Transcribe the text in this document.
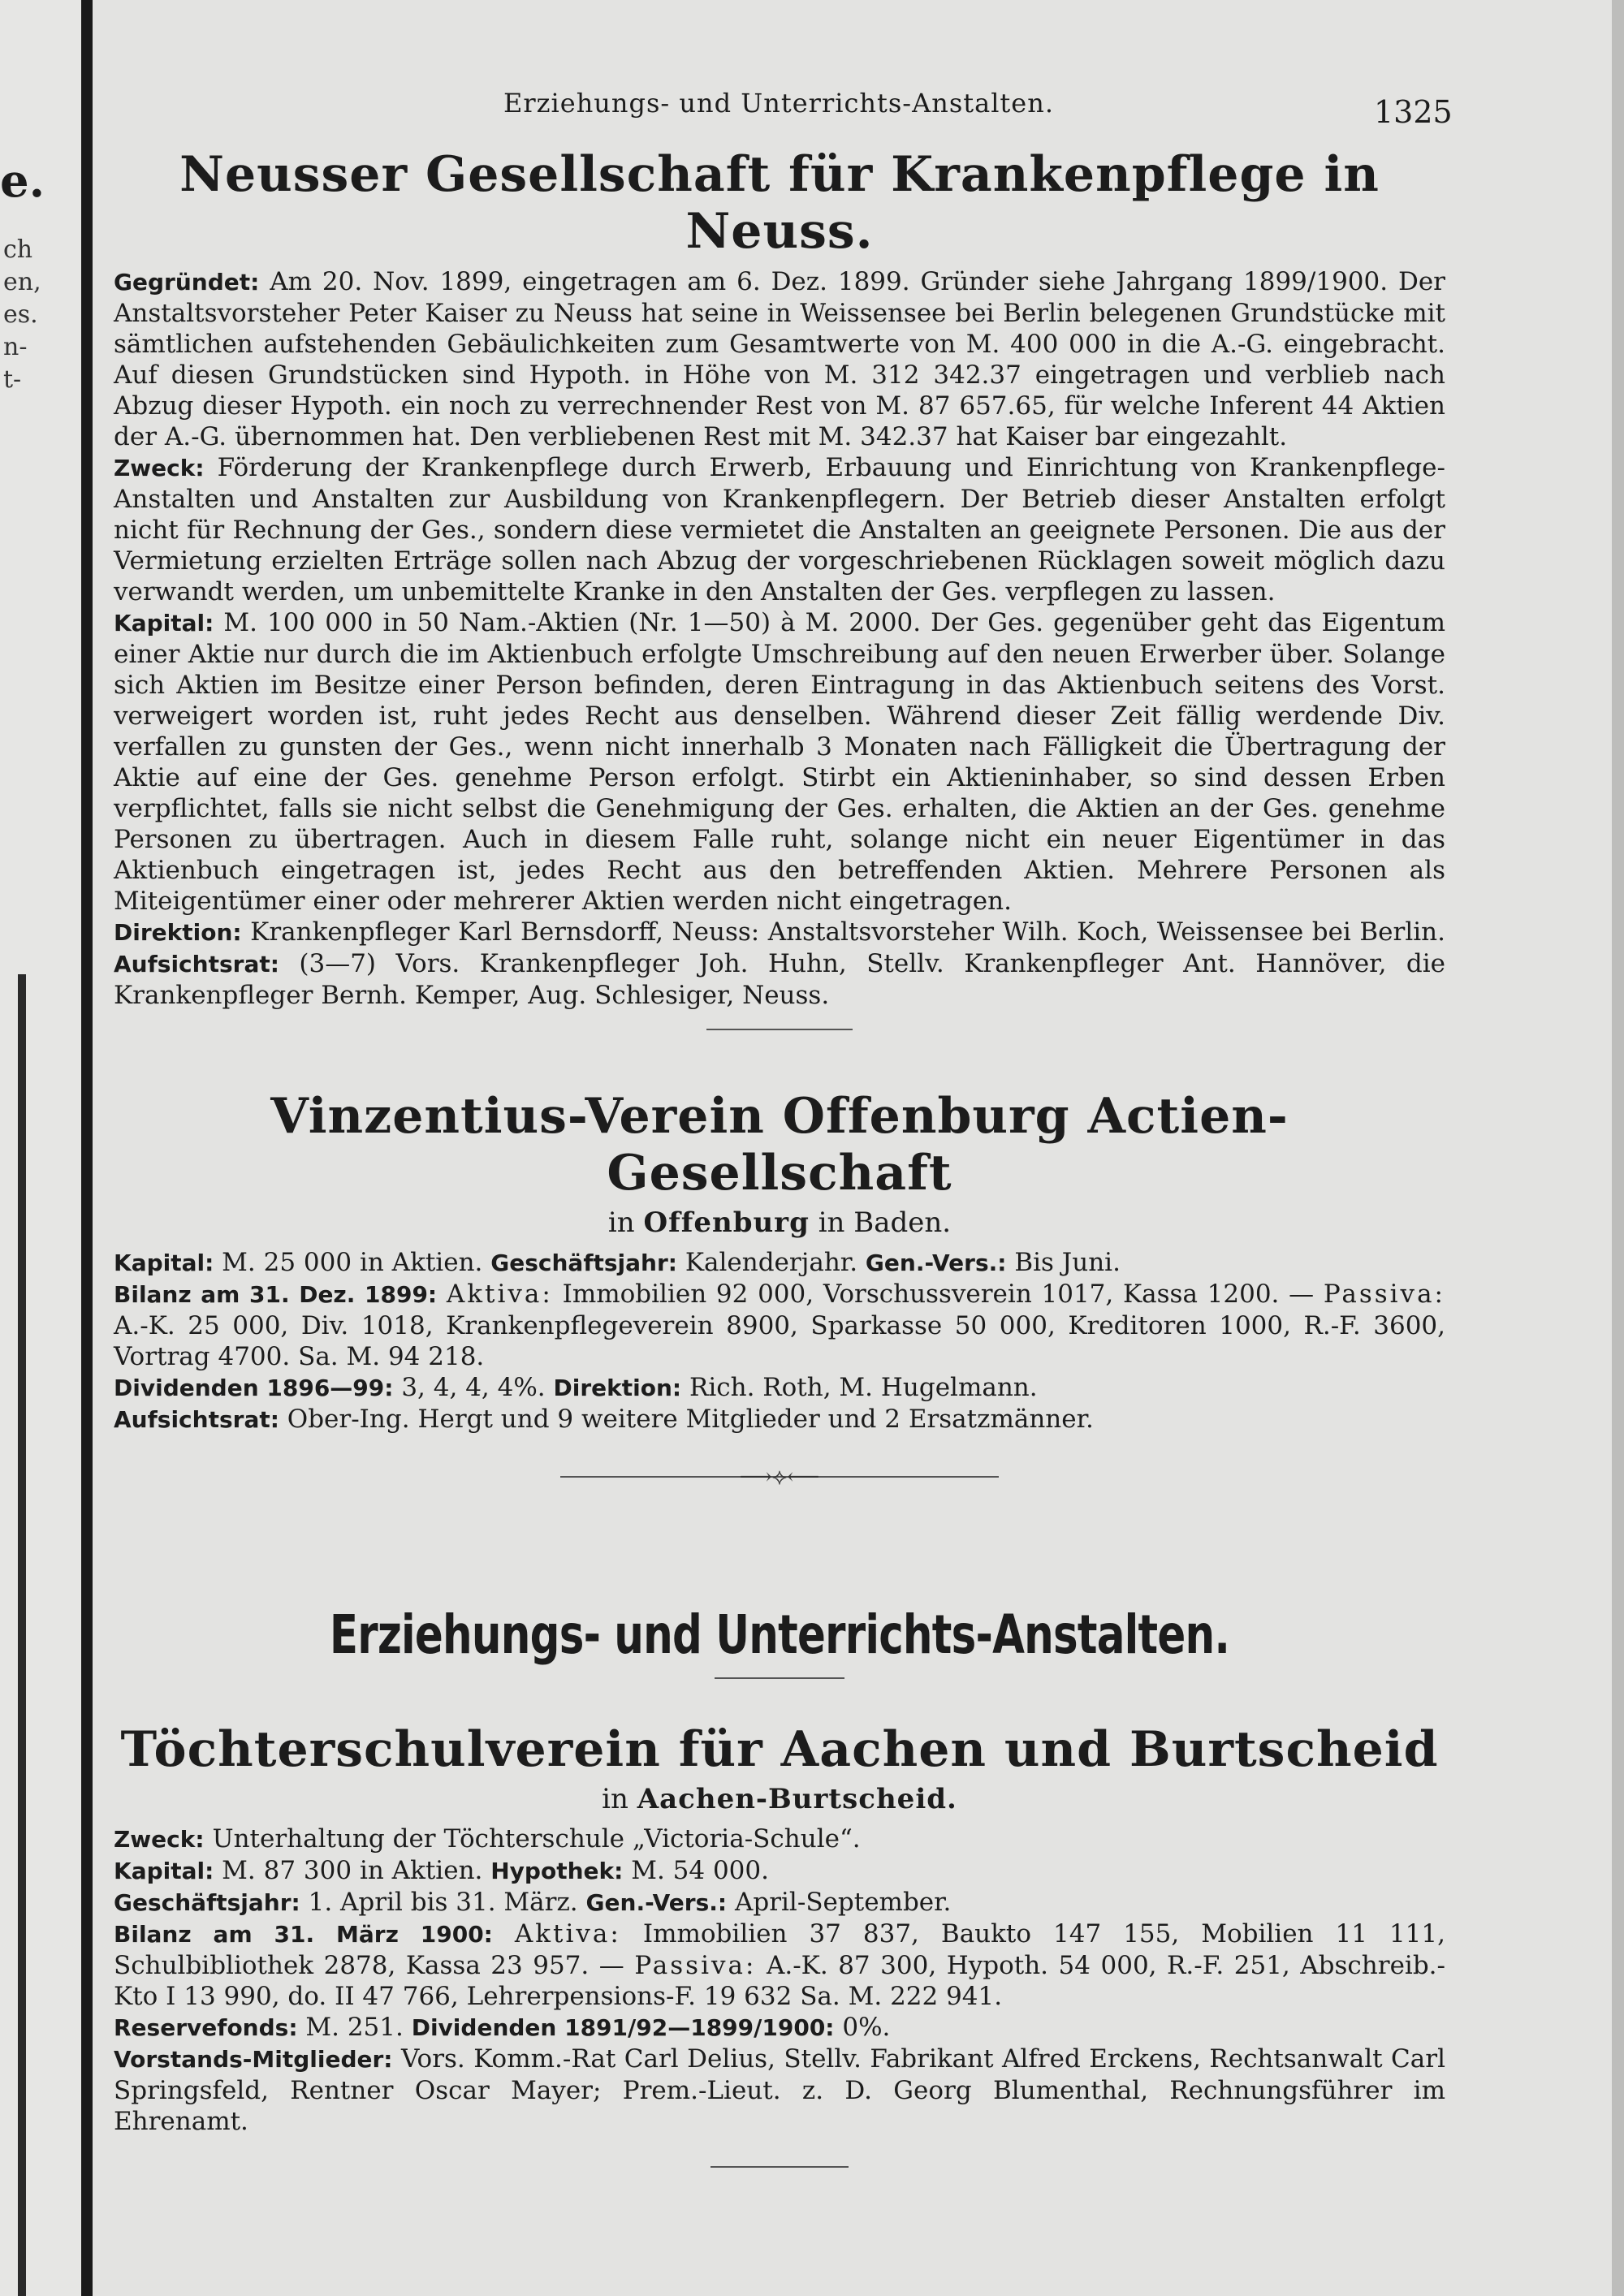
e.
ch
en,
es.
n-
t-
Erziehungs- und Unterrichts-Anstalten.	1325
Neusser Gesellschaft für Krankenpflege in Neuss.

Gegründet: Am 20. Nov. 1899, eingetragen am 6. Dez. 1899. Gründer siehe Jahrgang 1899/1900. Der Anstaltsvorsteher Peter Kaiser zu Neuss hat seine in Weissensee bei Berlin belegenen Grundstücke mit sämtlichen aufstehenden Gebäulichkeiten zum Gesamtwerte von M. 400 000 in die A.-G. eingebracht. Auf diesen Grundstücken sind Hypoth. in Höhe von M. 312 342.37 eingetragen und verblieb nach Abzug dieser Hypoth. ein noch zu verrechnender Rest von M. 87 657.65, für welche Inferent 44 Aktien der A.-G. übernommen hat. Den verbliebenen Rest mit M. 342.37 hat Kaiser bar eingezahlt.

Zweck: Förderung der Krankenpflege durch Erwerb, Erbauung und Einrichtung von Krankenpflege-Anstalten und Anstalten zur Ausbildung von Krankenpflegern. Der Betrieb dieser Anstalten erfolgt nicht für Rechnung der Ges., sondern diese vermietet die Anstalten an geeignete Personen. Die aus der Vermietung erzielten Erträge sollen nach Abzug der vorgeschriebenen Rücklagen soweit möglich dazu verwandt werden, um unbemittelte Kranke in den Anstalten der Ges. verpflegen zu lassen.

Kapital: M. 100 000 in 50 Nam.-Aktien (Nr. 1—50) à M. 2000. Der Ges. gegenüber geht das Eigentum einer Aktie nur durch die im Aktienbuch erfolgte Umschreibung auf den neuen Erwerber über. Solange sich Aktien im Besitze einer Person befinden, deren Eintragung in das Aktienbuch seitens des Vorst. verweigert worden ist, ruht jedes Recht aus denselben. Während dieser Zeit fällig werdende Div. verfallen zu gunsten der Ges., wenn nicht innerhalb 3 Monaten nach Fälligkeit die Übertragung der Aktie auf eine der Ges. genehme Person erfolgt. Stirbt ein Aktieninhaber, so sind dessen Erben verpflichtet, falls sie nicht selbst die Genehmigung der Ges. erhalten, die Aktien an der Ges. genehme Personen zu übertragen. Auch in diesem Falle ruht, solange nicht ein neuer Eigentümer in das Aktienbuch eingetragen ist, jedes Recht aus den betreffenden Aktien. Mehrere Personen als Miteigentümer einer oder mehrerer Aktien werden nicht eingetragen.

Direktion: Krankenpfleger Karl Bernsdorff, Neuss: Anstaltsvorsteher Wilh. Koch, Weissensee bei Berlin. Aufsichtsrat: (3—7) Vors. Krankenpfleger Joh. Huhn, Stellv. Krankenpfleger Ant. Hannöver, die Krankenpfleger Bernh. Kemper, Aug. Schlesiger, Neuss.

Vinzentius-Verein Offenburg Actien-Gesellschaft
in Offenburg in Baden.

Kapital: M. 25 000 in Aktien. Geschäftsjahr: Kalenderjahr. Gen.-Vers.: Bis Juni.

Bilanz am 31. Dez. 1899: Aktiva: Immobilien 92 000, Vorschussverein 1017, Kassa 1200. — Passiva: A.-K. 25 000, Div. 1018, Krankenpflegeverein 8900, Sparkasse 50 000, Kreditoren 1000, R.-F. 3600, Vortrag 4700. Sa. M. 94 218.

Dividenden 1896—99: 3, 4, 4, 4%. Direktion: Rich. Roth, M. Hugelmann.

Aufsichtsrat: Ober-Ing. Hergt und 9 weitere Mitglieder und 2 Ersatzmänner.

⟶⟡⟵
Erziehungs- und Unterrichts-Anstalten.
Töchterschulverein für Aachen und Burtscheid
in Aachen-Burtscheid.

Zweck: Unterhaltung der Töchterschule „Victoria-Schule“.

Kapital: M. 87 300 in Aktien. Hypothek: M. 54 000.

Geschäftsjahr: 1. April bis 31. März. Gen.-Vers.: April-September.

Bilanz am 31. März 1900: Aktiva: Immobilien 37 837, Baukto 147 155, Mobilien 11 111, Schulbibliothek 2878, Kassa 23 957. — Passiva: A.-K. 87 300, Hypoth. 54 000, R.-F. 251, Abschreib.-Kto I 13 990, do. II 47 766, Lehrerpensions-F. 19 632 Sa. M. 222 941.

Reservefonds: M. 251. Dividenden 1891/92—1899/1900: 0%.

Vorstands-Mitglieder: Vors. Komm.-Rat Carl Delius, Stellv. Fabrikant Alfred Erckens, Rechtsanwalt Carl Springsfeld, Rentner Oscar Mayer; Prem.-Lieut. z. D. Georg Blumenthal, Rechnungsführer im Ehrenamt.
